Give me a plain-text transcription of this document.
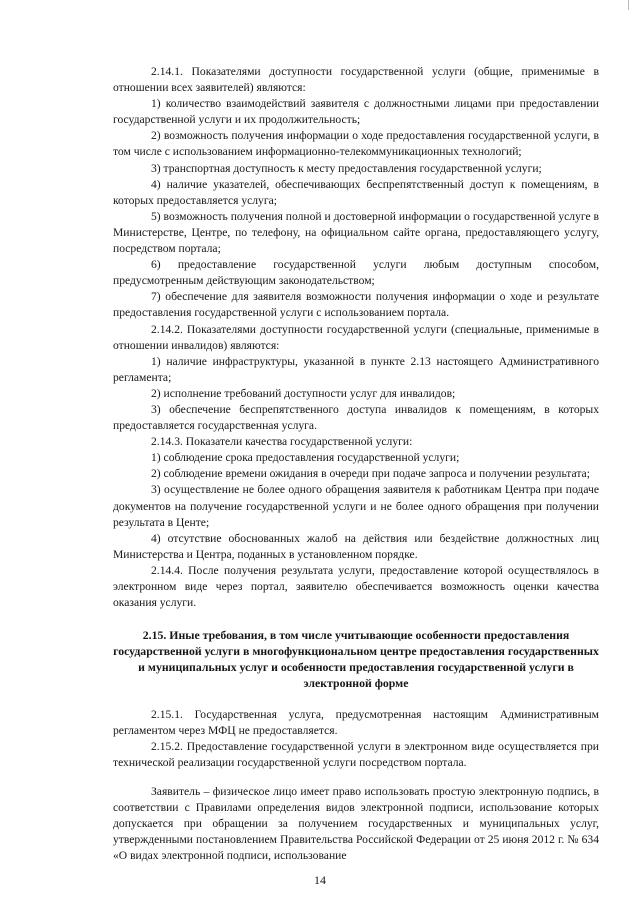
2.14.1. Показателями доступности государственной услуги (общие, применимые в отношении всех заявителей) являются:

1) количество взаимодействий заявителя с должностными лицами при предоставлении государственной услуги и их продолжительность;

2) возможность получения информации о ходе предоставления государственной услуги, в том числе с использованием информационно-телекоммуникационных технологий;

3) транспортная доступность к месту предоставления государственной услуги;

4) наличие указателей, обеспечивающих беспрепятственный доступ к помещениям, в которых предоставляется услуга;

5) возможность получения полной и достоверной информации о государственной услуге в Министерстве, Центре, по телефону, на официальном сайте органа, предоставляющего услугу, посредством портала;

6) предоставление государственной услуги любым доступным способом, предусмотренным действующим законодательством;

7) обеспечение для заявителя возможности получения информации о ходе и результате предоставления государственной услуги с использованием портала.

2.14.2. Показателями доступности государственной услуги (специальные, применимые в отношении инвалидов) являются:

1) наличие инфраструктуры, указанной в пункте 2.13 настоящего Административного регламента;

2) исполнение требований доступности услуг для инвалидов;

3) обеспечение беспрепятственного доступа инвалидов к помещениям, в которых предоставляется государственная услуга.

2.14.3. Показатели качества государственной услуги:

1) соблюдение срока предоставления государственной услуги;

2) соблюдение времени ожидания в очереди при подаче запроса и получении результата;

3) осуществление не более одного обращения заявителя к работникам Центра при подаче документов на получение государственной услуги и не более одного обращения при получении результата в Центе;

4) отсутствие обоснованных жалоб на действия или бездействие должностных лиц Министерства и Центра, поданных в установленном порядке.

2.14.4. После получения результата услуги, предоставление которой осуществлялось в электронном виде через портал, заявителю обеспечивается возможность оценки качества оказания услуги.

2.15. Иные требования, в том числе учитывающие особенности предоставления государственной услуги в многофункциональном центре предоставления государственных и муниципальных услуг и особенности предоставления государственной услуги в электронной форме

2.15.1. Государственная услуга, предусмотренная настоящим Административным регламентом через МФЦ не предоставляется.

2.15.2. Предоставление государственной услуги в электронном виде осуществляется при технической реализации государственной услуги посредством портала.

Заявитель – физическое лицо имеет право использовать простую электронную подпись, в соответствии с Правилами определения видов электронной подписи, использование которых допускается при обращении за получением государственных и муниципальных услуг, утвержденными постановлением Правительства Российской Федерации от 25 июня 2012 г. № 634 «О видах электронной подписи, использование

14
